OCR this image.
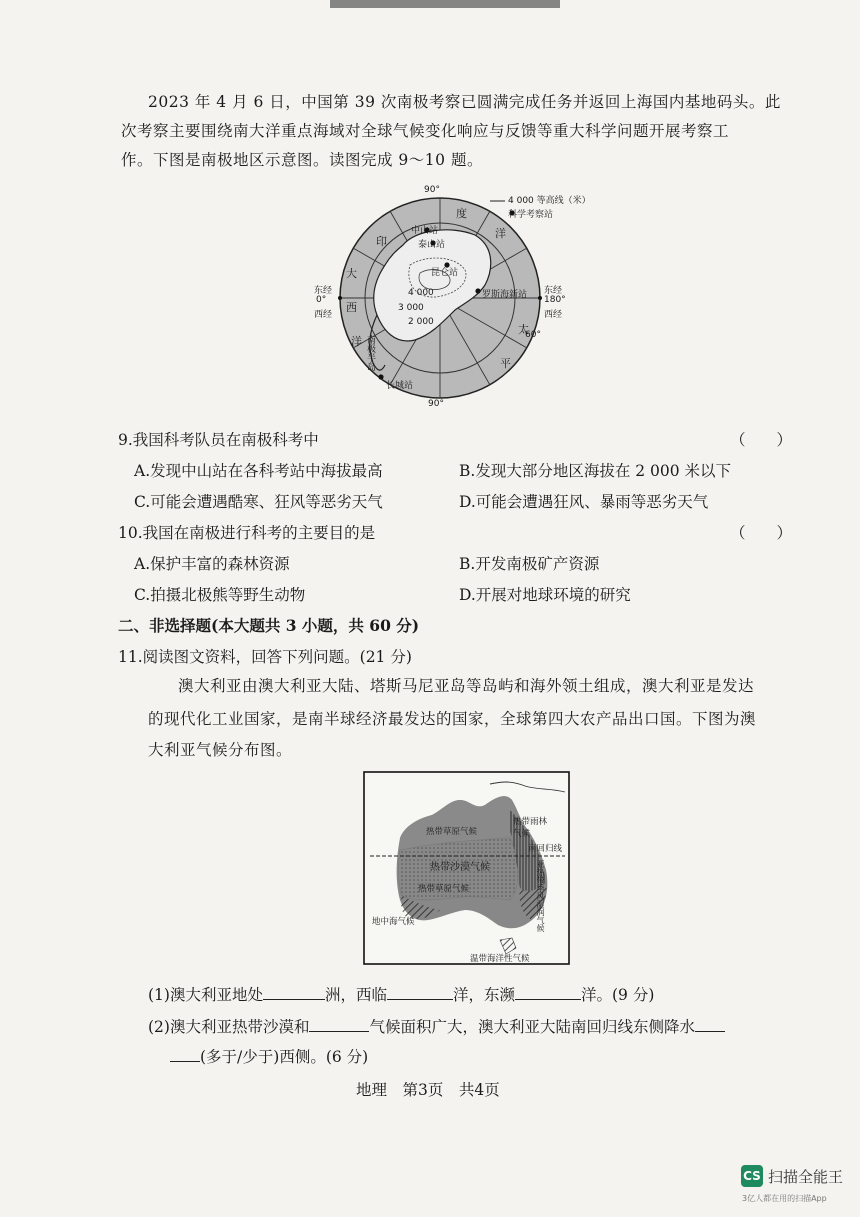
2023 年 4 月 6 日，中国第 39 次南极考察已圆满完成任务并返回上海国内基地码头。此
次考察主要围绕南大洋重点海域对全球气候变化响应与反馈等重大科学问题开展考察工
作。下图是南极地区示意图。读图完成 9～10 题。
90°
4 000 等高线（米）
科学考察站
90°
东经
0°
西经
东经
180°
西经
60°
印
大
西
洋
度
洋
太
平
中山站
泰山站
昆仑站
罗斯海新站
长城站
南极半岛
4 000
3 000
2 000
9.我国科考队员在南极科考中	（　　）
A.发现中山站在各科考站中海拔最高	B.发现大部分地区海拔在 2 000 米以下
C.可能会遭遇酷寒、狂风等恶劣天气	D.可能会遭遇狂风、暴雨等恶劣天气
10.我国在南极进行科考的主要目的是	（　　）
A.保护丰富的森林资源	B.开发南极矿产资源
C.拍摄北极熊等野生动物	D.开展对地球环境的研究
二、非选择题(本大题共 3 小题，共 60 分)
11.阅读图文资料，回答下列问题。(21 分)
澳大利亚由澳大利亚大陆、塔斯马尼亚岛等岛屿和海外领土组成，澳大利亚是发达
的现代化工业国家，是南半球经济最发达的国家，全球第四大农产品出口国。下图为澳
大利亚气候分布图。
热带雨林
气候
热带草原气候
南回归线
热带沙漠气候	亚热带季风湿润气候
热带草原气候
地中海气候
温带海洋性气候
(1)澳大利亚地处	洲，西临	洋，东濒	洋。(9 分)
(2)澳大利亚热带沙漠和	气候面积广大，澳大利亚大陆南回归线东侧降水
(多于/少于)西侧。(6 分)
地理　第3页　共4页
CS 扫描全能王
3亿人都在用的扫描App
